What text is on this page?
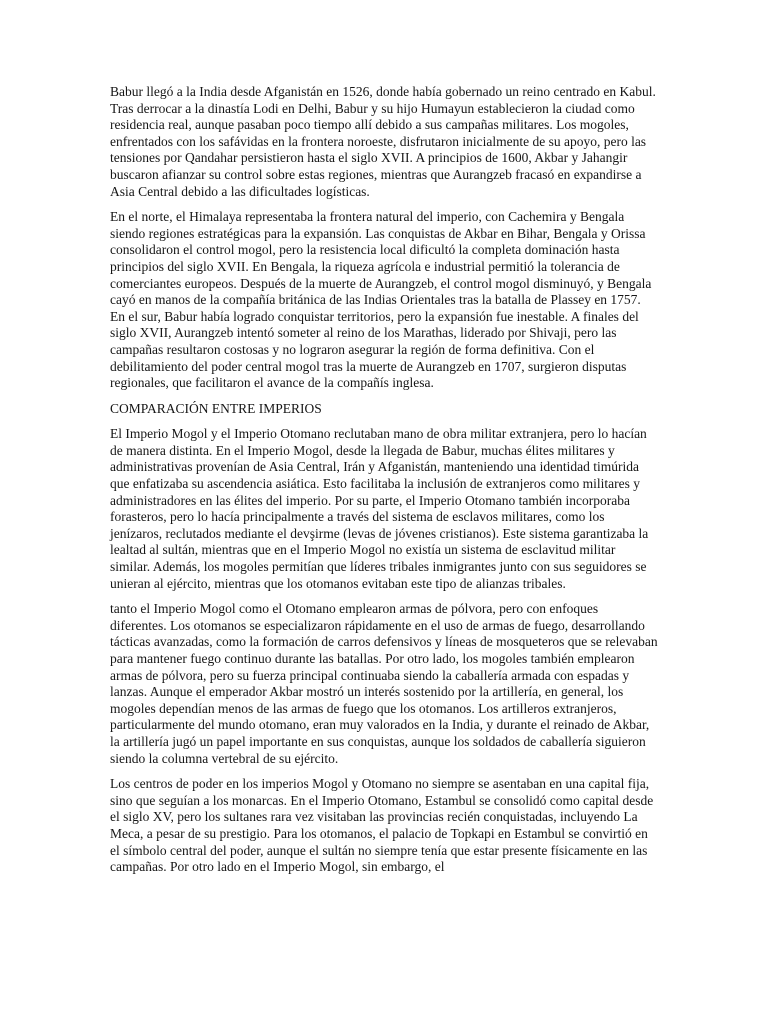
Babur llegó a la India desde Afganistán en 1526, donde había gobernado un reino centrado en Kabul. Tras derrocar a la dinastía Lodi en Delhi, Babur y su hijo Humayun establecieron la ciudad como residencia real, aunque pasaban poco tiempo allí debido a sus campañas militares. Los mogoles, enfrentados con los safávidas en la frontera noroeste, disfrutaron inicialmente de su apoyo, pero las tensiones por Qandahar persistieron hasta el siglo XVII. A principios de 1600, Akbar y Jahangir buscaron afianzar su control sobre estas regiones, mientras que Aurangzeb fracasó en expandirse a Asia Central debido a las dificultades logísticas.

En el norte, el Himalaya representaba la frontera natural del imperio, con Cachemira y Bengala siendo regiones estratégicas para la expansión. Las conquistas de Akbar en Bihar, Bengala y Orissa consolidaron el control mogol, pero la resistencia local dificultó la completa dominación hasta principios del siglo XVII. En Bengala, la riqueza agrícola e industrial permitió la tolerancia de comerciantes europeos. Después de la muerte de Aurangzeb, el control mogol disminuyó, y Bengala cayó en manos de la compañía británica de las Indias Orientales tras la batalla de Plassey en 1757. En el sur, Babur había logrado conquistar territorios, pero la expansión fue inestable. A finales del siglo XVII, Aurangzeb intentó someter al reino de los Marathas, liderado por Shivaji, pero las campañas resultaron costosas y no lograron asegurar la región de forma definitiva. Con el debilitamiento del poder central mogol tras la muerte de Aurangzeb en 1707, surgieron disputas regionales, que facilitaron el avance de la compañís inglesa.

COMPARACIÓN ENTRE IMPERIOS

El Imperio Mogol y el Imperio Otomano reclutaban mano de obra militar extranjera, pero lo hacían de manera distinta. En el Imperio Mogol, desde la llegada de Babur, muchas élites militares y administrativas provenían de Asia Central, Irán y Afganistán, manteniendo una identidad timúrida que enfatizaba su ascendencia asiática. Esto facilitaba la inclusión de extranjeros como militares y administradores en las élites del imperio. Por su parte, el Imperio Otomano también incorporaba forasteros, pero lo hacía principalmente a través del sistema de esclavos militares, como los jenízaros, reclutados mediante el devşirme (levas de jóvenes cristianos). Este sistema garantizaba la lealtad al sultán, mientras que en el Imperio Mogol no existía un sistema de esclavitud militar similar. Además, los mogoles permitían que líderes tribales inmigrantes junto con sus seguidores se unieran al ejército, mientras que los otomanos evitaban este tipo de alianzas tribales.

tanto el Imperio Mogol como el Otomano emplearon armas de pólvora, pero con enfoques diferentes. Los otomanos se especializaron rápidamente en el uso de armas de fuego, desarrollando tácticas avanzadas, como la formación de carros defensivos y líneas de mosqueteros que se relevaban para mantener fuego continuo durante las batallas. Por otro lado, los mogoles también emplearon armas de pólvora, pero su fuerza principal continuaba siendo la caballería armada con espadas y lanzas. Aunque el emperador Akbar mostró un interés sostenido por la artillería, en general, los mogoles dependían menos de las armas de fuego que los otomanos. Los artilleros extranjeros, particularmente del mundo otomano, eran muy valorados en la India, y durante el reinado de Akbar, la artillería jugó un papel importante en sus conquistas, aunque los soldados de caballería siguieron siendo la columna vertebral de su ejército.

Los centros de poder en los imperios Mogol y Otomano no siempre se asentaban en una capital fija, sino que seguían a los monarcas. En el Imperio Otomano, Estambul se consolidó como capital desde el siglo XV, pero los sultanes rara vez visitaban las provincias recién conquistadas, incluyendo La Meca, a pesar de su prestigio. Para los otomanos, el palacio de Topkapi en Estambul se convirtió en el símbolo central del poder, aunque el sultán no siempre tenía que estar presente físicamente en las campañas. Por otro lado en el Imperio Mogol, sin embargo, el
